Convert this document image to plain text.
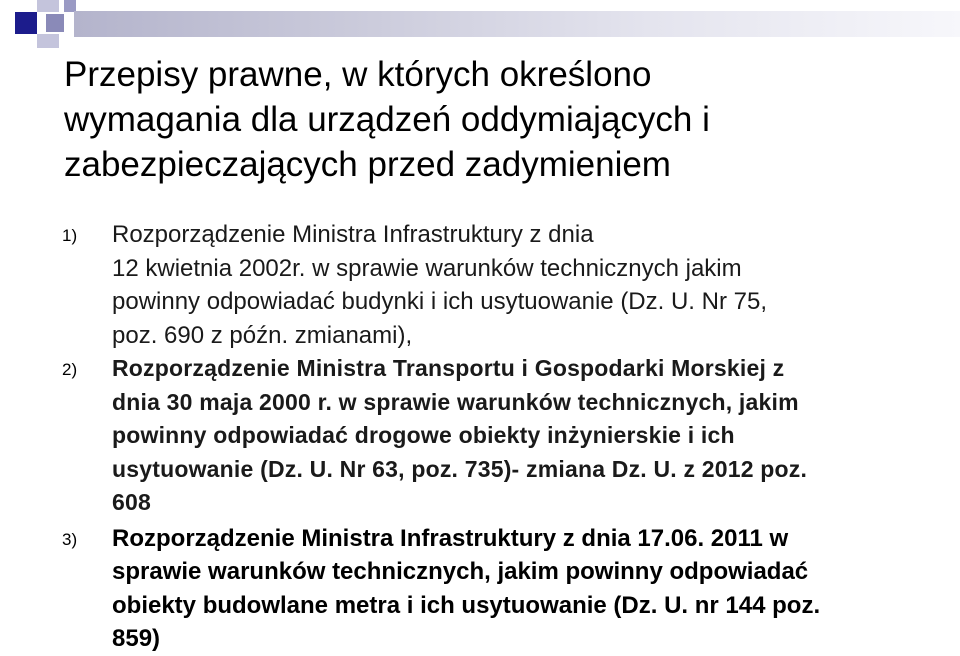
Przepisy prawne, w których określono
wymagania dla urządzeń oddymiających i
zabezpieczających przed zadymieniem
1) Rozporządzenie Ministra Infrastruktury z dnia
12 kwietnia 2002r. w sprawie warunków technicznych jakim
powinny odpowiadać budynki i ich usytuowanie (Dz. U. Nr 75,
poz. 690 z późn. zmianami),
2) Rozporządzenie Ministra Transportu i Gospodarki Morskiej z
dnia 30 maja 2000 r. w sprawie warunków technicznych, jakim
powinny odpowiadać drogowe obiekty inżynierskie i ich
usytuowanie (Dz. U. Nr 63, poz. 735)- zmiana Dz. U. z 2012 poz.
608
3) Rozporządzenie Ministra Infrastruktury z dnia 17.06. 2011 w
sprawie warunków technicznych, jakim powinny odpowiadać
obiekty budowlane metra i ich usytuowanie (Dz. U. nr 144 poz.
859)
